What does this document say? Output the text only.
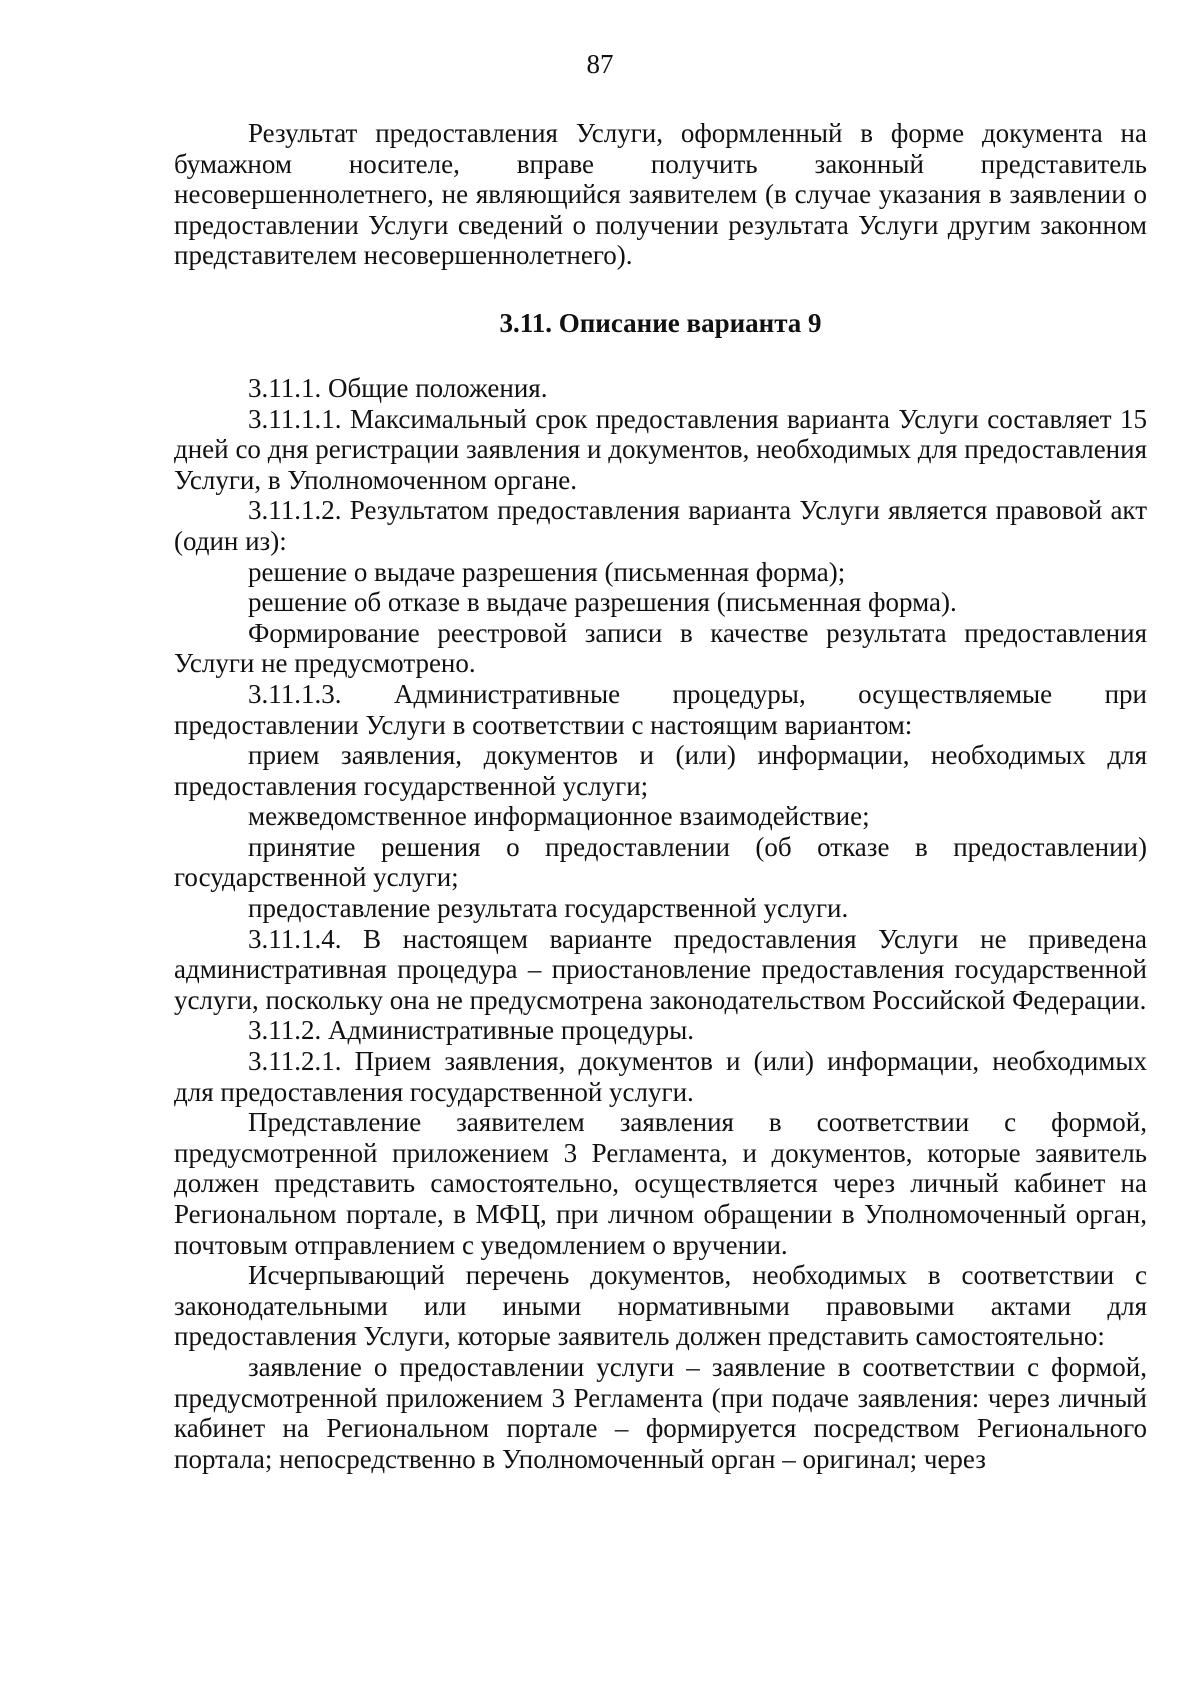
87

Результат предоставления Услуги, оформленный в форме документа на бумажном носителе, вправе получить законный представитель несовершеннолетнего, не являющийся заявителем (в случае указания в заявлении о предоставлении Услуги сведений о получении результата Услуги другим законном представителем несовершеннолетнего).

3.11. Описание варианта 9

3.11.1. Общие положения.

3.11.1.1. Максимальный срок предоставления варианта Услуги составляет 15 дней со дня регистрации заявления и документов, необходимых для предоставления Услуги, в Уполномоченном органе.

3.11.1.2. Результатом предоставления варианта Услуги является правовой акт (один из):

решение о выдаче разрешения (письменная форма);

решение об отказе в выдаче разрешения (письменная форма).

Формирование реестровой записи в качестве результата предоставления Услуги не предусмотрено.

3.11.1.3. Административные процедуры, осуществляемые при предоставлении Услуги в соответствии с настоящим вариантом:

прием заявления, документов и (или) информации, необходимых для предоставления государственной услуги;

межведомственное информационное взаимодействие;

принятие решения о предоставлении (об отказе в предоставлении) государственной услуги;

предоставление результата государственной услуги.

3.11.1.4. В настоящем варианте предоставления Услуги не приведена административная процедура – приостановление предоставления государственной услуги, поскольку она не предусмотрена законодательством Российской Федерации.

3.11.2. Административные процедуры.

3.11.2.1. Прием заявления, документов и (или) информации, необходимых для предоставления государственной услуги.

Представление заявителем заявления в соответствии с формой, предусмотренной приложением 3 Регламента, и документов, которые заявитель должен представить самостоятельно, осуществляется через личный кабинет на Региональном портале, в МФЦ, при личном обращении в Уполномоченный орган, почтовым отправлением с уведомлением о вручении.

Исчерпывающий перечень документов, необходимых в соответствии с законодательными или иными нормативными правовыми актами для предоставления Услуги, которые заявитель должен представить самостоятельно:

заявление о предоставлении услуги – заявление в соответствии с формой, предусмотренной приложением 3 Регламента (при подаче заявления: через личный кабинет на Региональном портале – формируется посредством Регионального портала; непосредственно в Уполномоченный орган – оригинал; через
